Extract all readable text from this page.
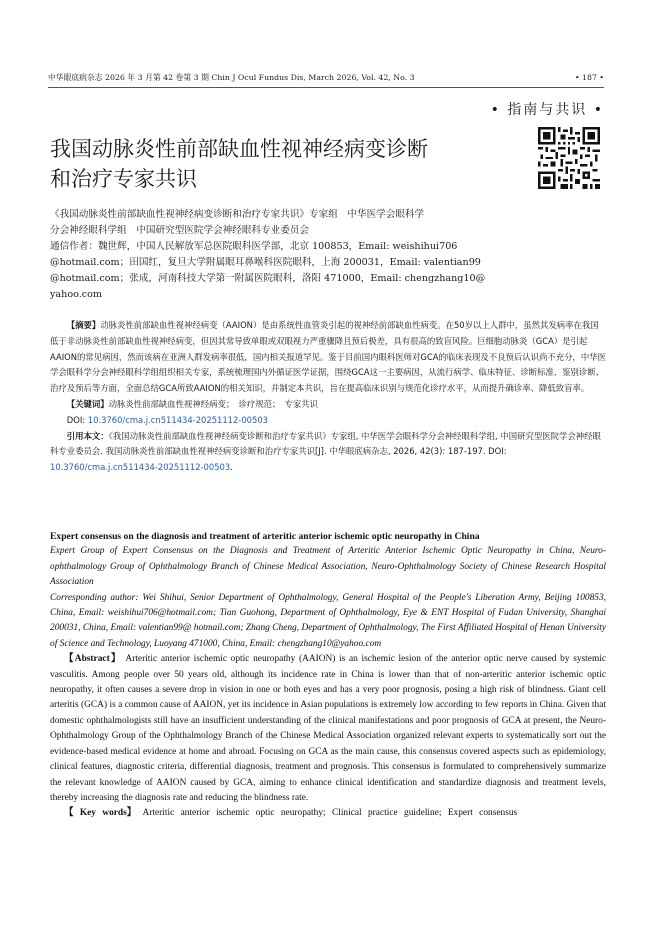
中华眼底病杂志 2026 年 3 月第 42 卷第 3 期 Chin J Ocul Fundus Dis, March 2026, Vol. 42, No. 3	• 187 •
• 指南与共识 •
我国动脉炎性前部缺血性视神经病变诊断
和治疗专家共识

《我国动脉炎性前部缺血性视神经病变诊断和治疗专家共识》专家组　中华医学会眼科学

分会神经眼科学组　中国研究型医院学会神经眼科专业委员会

通信作者：魏世辉，中国人民解放军总医院眼科医学部，北京 100853，Email: weishihui706

@hotmail.com；田国红，复旦大学附属眼耳鼻喉科医院眼科，上海 200031，Email: valentian99

@hotmail.com；张成，河南科技大学第一附属医院眼科，洛阳 471000，Email: chengzhang10@

yahoo.com

【摘要】动脉炎性前部缺血性视神经病变（AAION）是由系统性血管炎引起的视神经前部缺血性病变。在50岁以上人群中，虽然其发病率在我国低于非动脉炎性前部缺血性视神经病变，但因其常导致单眼或双眼视力严重骤降且预后极差，具有很高的致盲风险。巨细胞动脉炎（GCA）是引起AAION的常见病因，然而该病在亚洲人群发病率很低，国内相关报道罕见。鉴于目前国内眼科医师对GCA的临床表现及不良预后认识尚不充分，中华医学会眼科学分会神经眼科学组组织相关专家，系统梳理国内外循证医学证据，围绕GCA这一主要病因，从流行病学、临床特征、诊断标准、鉴别诊断、治疗及预后等方面，全面总结GCA所致AAION的相关知识，并制定本共识，旨在提高临床识别与规范化诊疗水平，从而提升确诊率、降低致盲率。

【关键词】动脉炎性前部缺血性视神经病变；　诊疗规范；　专家共识

DOI: 10.3760/cma.j.cn511434-20251112-00503

引用本文：《我国动脉炎性前部缺血性视神经病变诊断和治疗专家共识》专家组, 中华医学会眼科学分会神经眼科学组, 中国研究型医院学会神经眼科专业委员会. 我国动脉炎性前部缺血性视神经病变诊断和治疗专家共识[J]. 中华眼底病杂志, 2026, 42(3): 187-197. DOI: 10.3760/cma.j.cn511434-20251112-00503.

Expert consensus on the diagnosis and treatment of arteritic anterior ischemic optic neuropathy in China

Expert Group of Expert Consensus on the Diagnosis and Treatment of Arteritic Anterior Ischemic Optic Neuropathy in China, Neuro-ophthalmology Group of Ophthalmology Branch of Chinese Medical Association, Neuro-Ophthalmology Society of Chinese Research Hospital Association

Corresponding author: Wei Shihui, Senior Department of Ophthalmology, General Hospital of the People's Liberation Army, Beijing 100853, China, Email: weishihui706@hotmail.com; Tian Guohong, Department of Ophthalmology, Eye & ENT Hospital of Fudan University, Shanghai 200031, China, Email: valentian99@ hotmail.com; Zhang Cheng, Department of Ophthalmology, The First Affiliated Hospital of Henan University of Science and Technology, Luoyang 471000, China, Email: chengzhang10@yahoo.com

【Abstract】 Arteritic anterior ischemic optic neuropathy (AAION) is an ischemic lesion of the anterior optic nerve caused by systemic vasculitis. Among people over 50 years old, although its incidence rate in China is lower than that of non-arteritic anterior ischemic optic neuropathy, it often causes a severe drop in vision in one or both eyes and has a very poor prognosis, posing a high risk of blindness. Giant cell arteritis (GCA) is a common cause of AAION, yet its incidence in Asian populations is extremely low according to few reports in China. Given that domestic ophthalmologists still have an insufficient understanding of the clinical manifestations and poor prognosis of GCA at present, the Neuro-Ophthalmology Group of the Ophthalmology Branch of the Chinese Medical Association organized relevant experts to systematically sort out the evidence-based medical evidence at home and abroad. Focusing on GCA as the main cause, this consensus covered aspects such as epidemiology, clinical features, diagnostic criteria, differential diagnosis, treatment and prognosis. This consensus is formulated to comprehensively summarize the relevant knowledge of AAION caused by GCA, aiming to enhance clinical identification and standardize diagnosis and treatment levels, thereby increasing the diagnosis rate and reducing the blindness rate.

【 Key words】 Arteritic anterior ischemic optic neuropathy; Clinical practice guideline; Expert consensus
